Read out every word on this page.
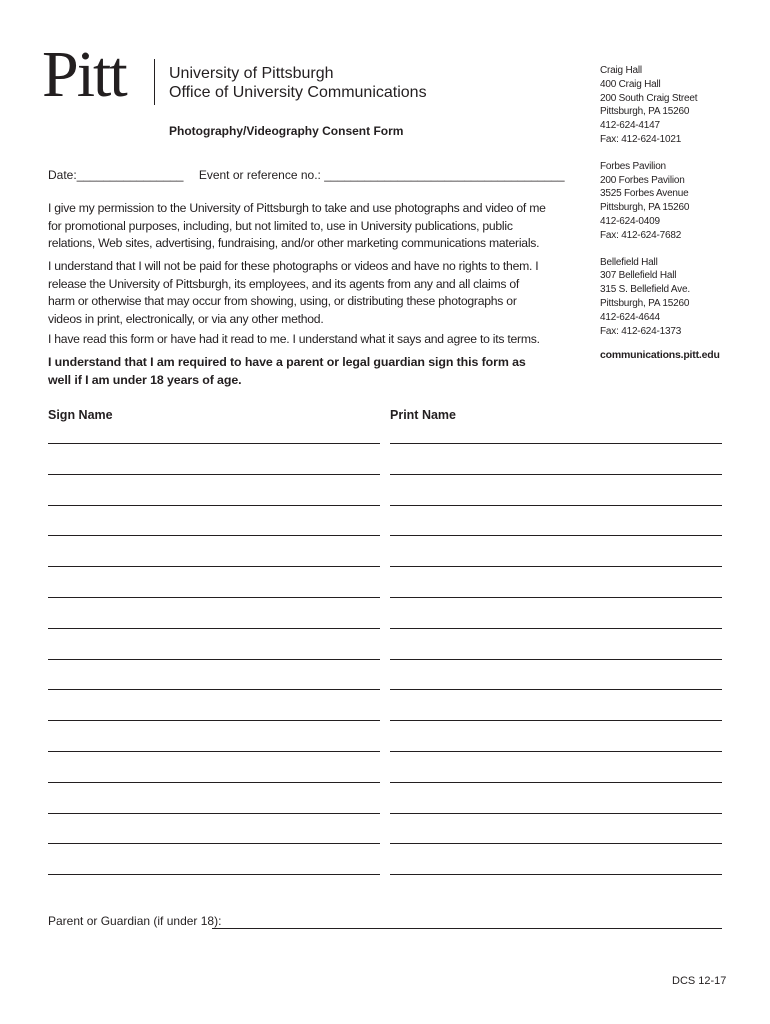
Pitt	University of Pittsburgh
Office of University Communications
Photography/Videography Consent Form
Craig Hall
400 Craig Hall
200 South Craig Street
Pittsburgh, PA 15260
412-624-4147
Fax: 412-624-1021
Forbes Pavilion
200 Forbes Pavilion
3525 Forbes Avenue
Pittsburgh, PA 15260
412-624-0409
Fax: 412-624-7682
Bellefield Hall
307 Bellefield Hall
315 S. Bellefield Ave.
Pittsburgh, PA 15260
412-624-4644
Fax: 412-624-1373
communications.pitt.edu
Date:________________ Event or reference no.: ____________________________________

I give my permission to the University of Pittsburgh to take and use photographs and video of me for promotional purposes, including, but not limited to, use in University publications, public relations, Web sites, advertising, fundraising, and/or other marketing communications materials.

I understand that I will not be paid for these photographs or videos and have no rights to them. I release the University of Pittsburgh, its employees, and its agents from any and all claims of harm or otherwise that may occur from showing, using, or distributing these photographs or videos in print, electronically, or via any other method.

I have read this form or have had it read to me. I understand what it says and agree to its terms.

I understand that I am required to have a parent or legal guardian sign this form as well if I am under 18 years of age.

Sign Name	Print Name
Parent or Guardian (if under 18):
DCS 12-17
